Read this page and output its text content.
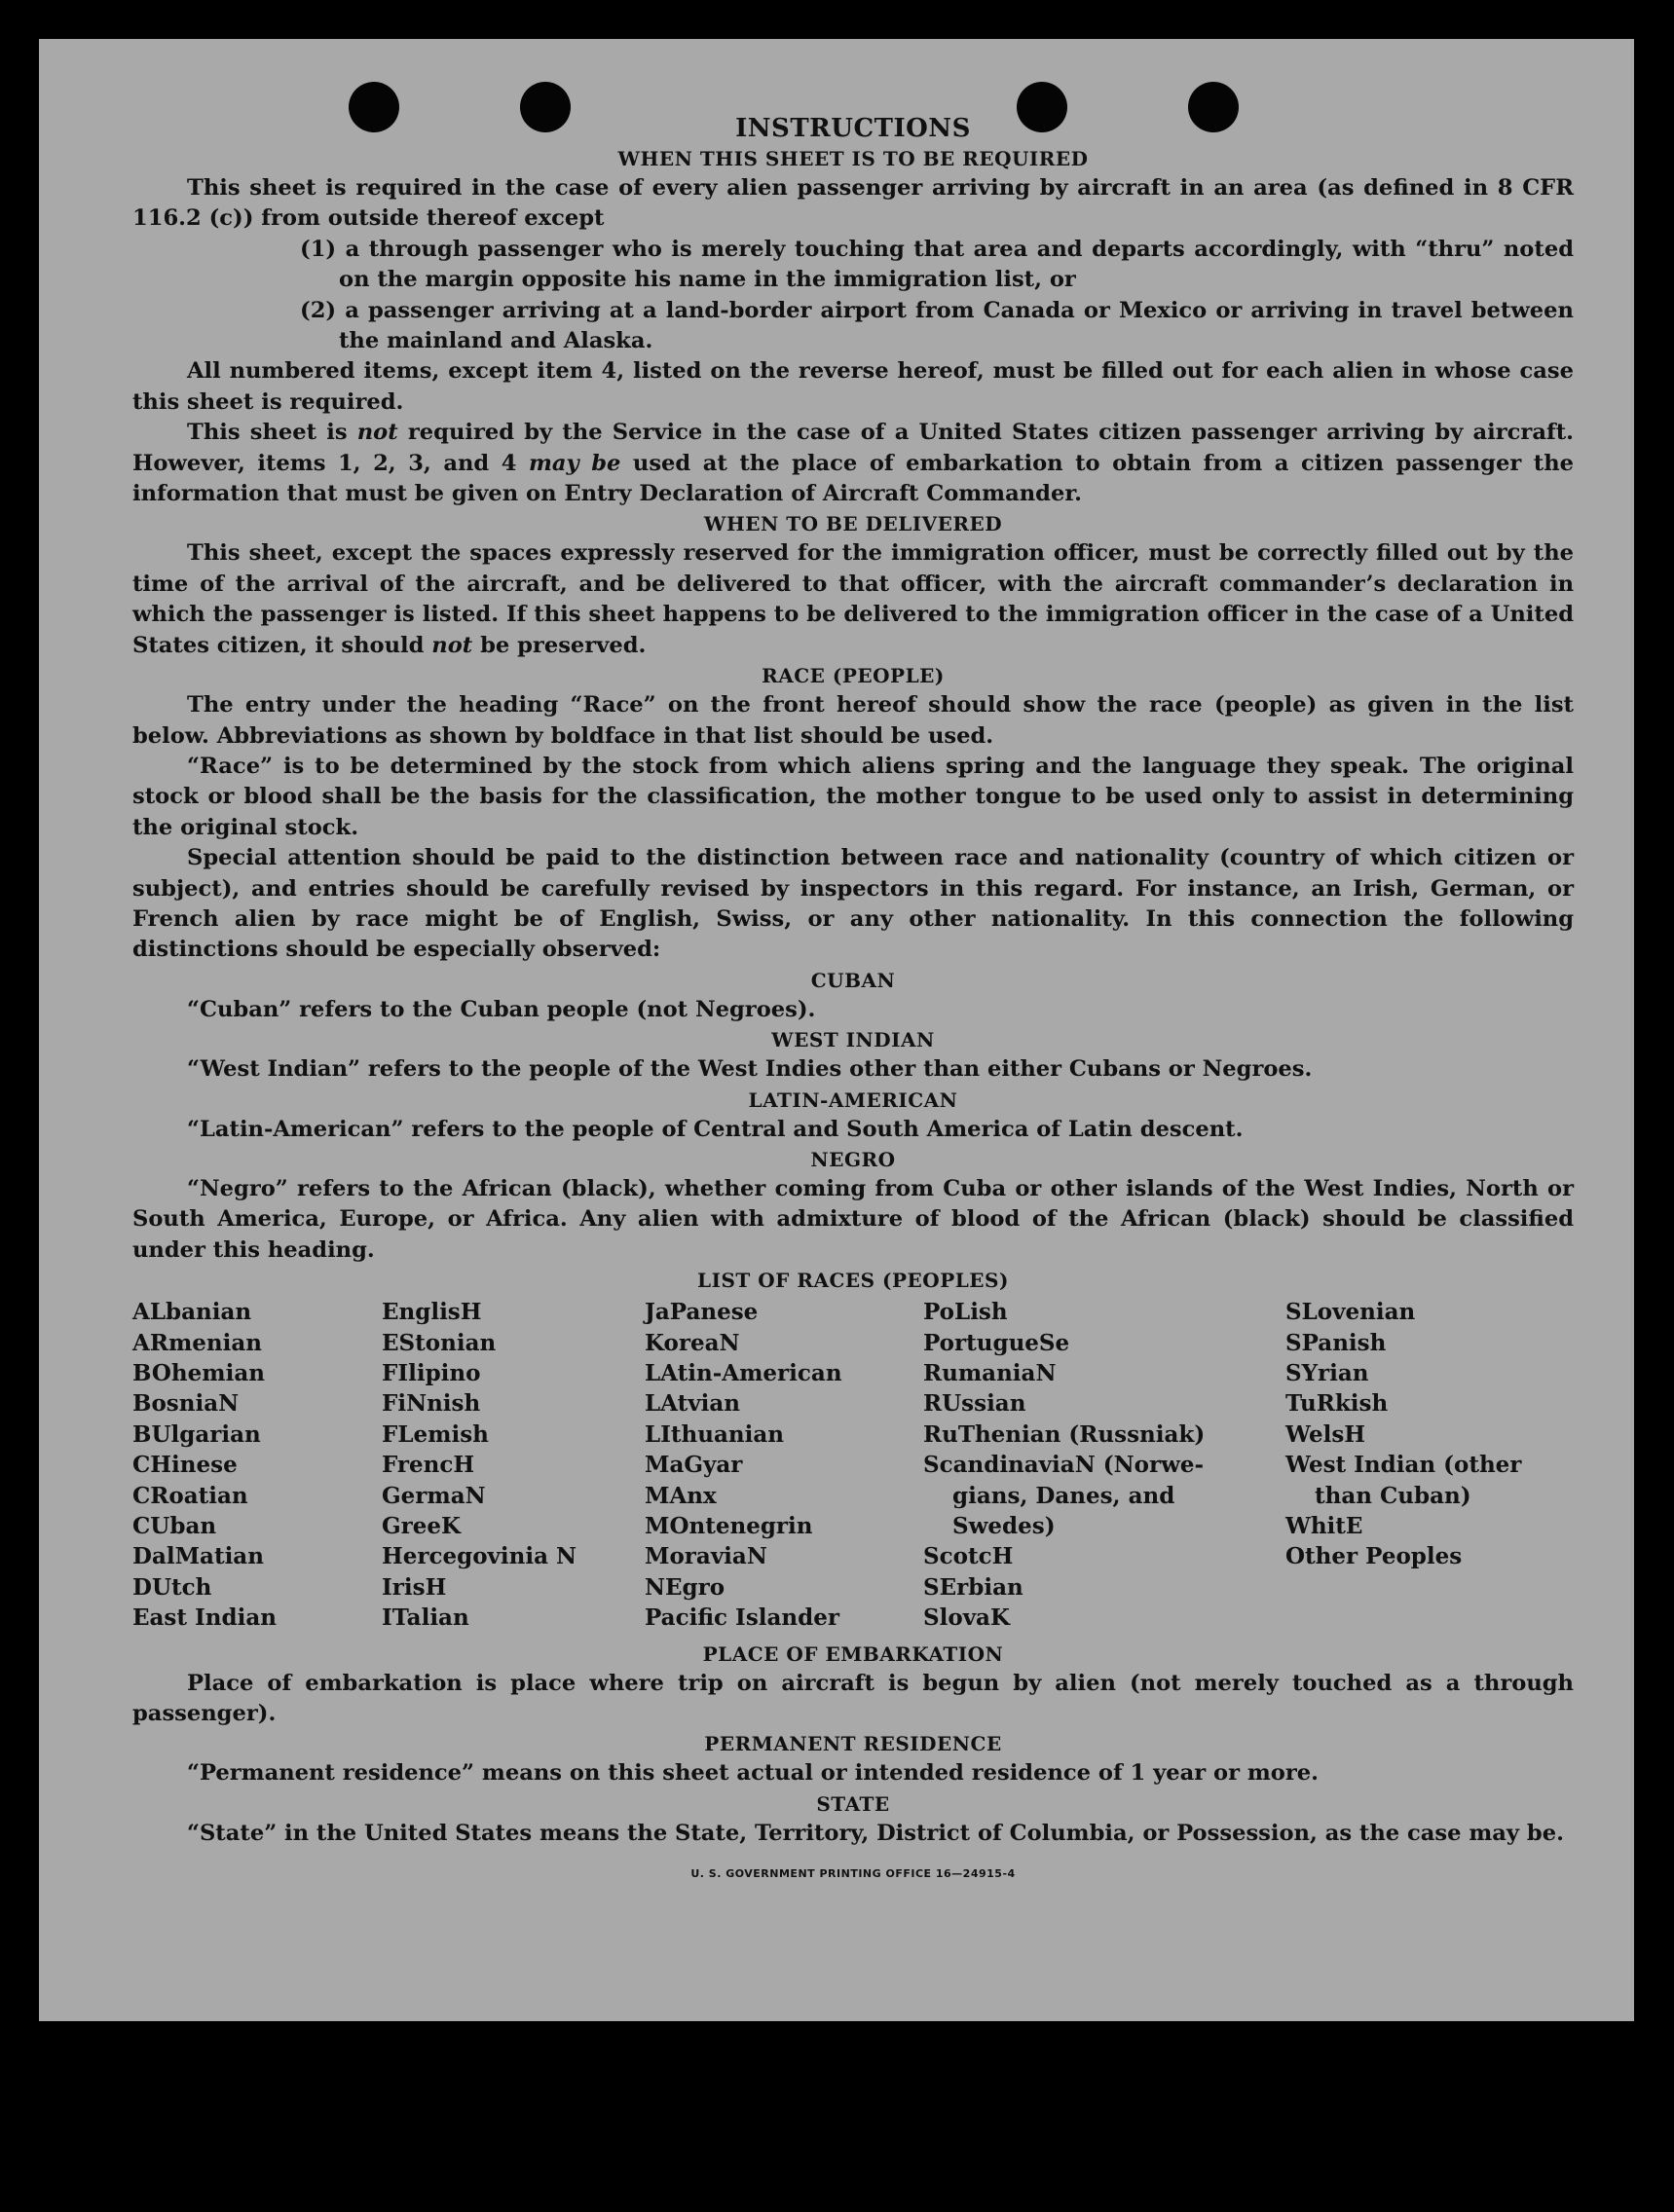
INSTRUCTIONS
WHEN THIS SHEET IS TO BE REQUIRED

This sheet is required in the case of every alien passenger arriving by aircraft in an area (as defined in 8 CFR 116.2 (c)) from outside thereof except

(1) a through passenger who is merely touching that area and departs accordingly, with “thru” noted on the margin opposite his name in the immigration list, or

(2) a passenger arriving at a land-border airport from Canada or Mexico or arriving in travel between the mainland and Alaska.

All numbered items, except item 4, listed on the reverse hereof, must be filled out for each alien in whose case this sheet is required.

This sheet is not required by the Service in the case of a United States citizen passenger arriving by aircraft. However, items 1, 2, 3, and 4 may be used at the place of embarkation to obtain from a citizen passenger the information that must be given on Entry Declaration of Aircraft Commander.

WHEN TO BE DELIVERED

This sheet, except the spaces expressly reserved for the immigration officer, must be correctly filled out by the time of the arrival of the aircraft, and be delivered to that officer, with the aircraft commander’s declaration in which the passenger is listed. If this sheet happens to be delivered to the immigration officer in the case of a United States citizen, it should not be preserved.

RACE (PEOPLE)

The entry under the heading “Race” on the front hereof should show the race (people) as given in the list below. Abbreviations as shown by boldface in that list should be used.

“Race” is to be determined by the stock from which aliens spring and the language they speak. The original stock or blood shall be the basis for the classification, the mother tongue to be used only to assist in determining the original stock.

Special attention should be paid to the distinction between race and nationality (country of which citizen or subject), and entries should be carefully revised by inspectors in this regard. For instance, an Irish, German, or French alien by race might be of English, Swiss, or any other nationality. In this connection the following distinctions should be especially observed:

CUBAN

“Cuban” refers to the Cuban people (not Negroes).

WEST INDIAN

“West Indian” refers to the people of the West Indies other than either Cubans or Negroes.

LATIN-AMERICAN

“Latin-American” refers to the people of Central and South America of Latin descent.

NEGRO

“Negro” refers to the African (black), whether coming from Cuba or other islands of the West Indies, North or South America, Europe, or Africa. Any alien with admixture of blood of the African (black) should be classified under this heading.

LIST OF RACES (PEOPLES)
ALbanian	EnglisH	JaPanese	PoLish	SLovenian
ARmenian	EStonian	KoreaN	PortugueSe	SPanish
BOhemian	FIlipino	LAtin-American	RumaniaN	SYrian
BosniaN	FiNnish	LAtvian	RUssian	TuRkish
BUlgarian	FLemish	LIthuanian	RuThenian (Russniak)	WelsH
CHinese	FrencH	MaGyar	ScandinaviaN (Norwe-	West Indian (other
CRoatian	GermaN	MAnx	gians, Danes, and	than Cuban)
CUban	GreeK	MOntenegrin	Swedes)	WhitE
DalMatian	Hercegovinia N	MoraviaN	ScotcH	Other Peoples
DUtch	IrisH	NEgro	SErbian
East Indian	ITalian	Pacific Islander	SlovaK
PLACE OF EMBARKATION

Place of embarkation is place where trip on aircraft is begun by alien (not merely touched as a through passenger).

PERMANENT RESIDENCE

“Permanent residence” means on this sheet actual or intended residence of 1 year or more.

STATE

“State” in the United States means the State, Territory, District of Columbia, or Possession, as the case may be.

U. S. GOVERNMENT PRINTING OFFICE 16—24915-4
